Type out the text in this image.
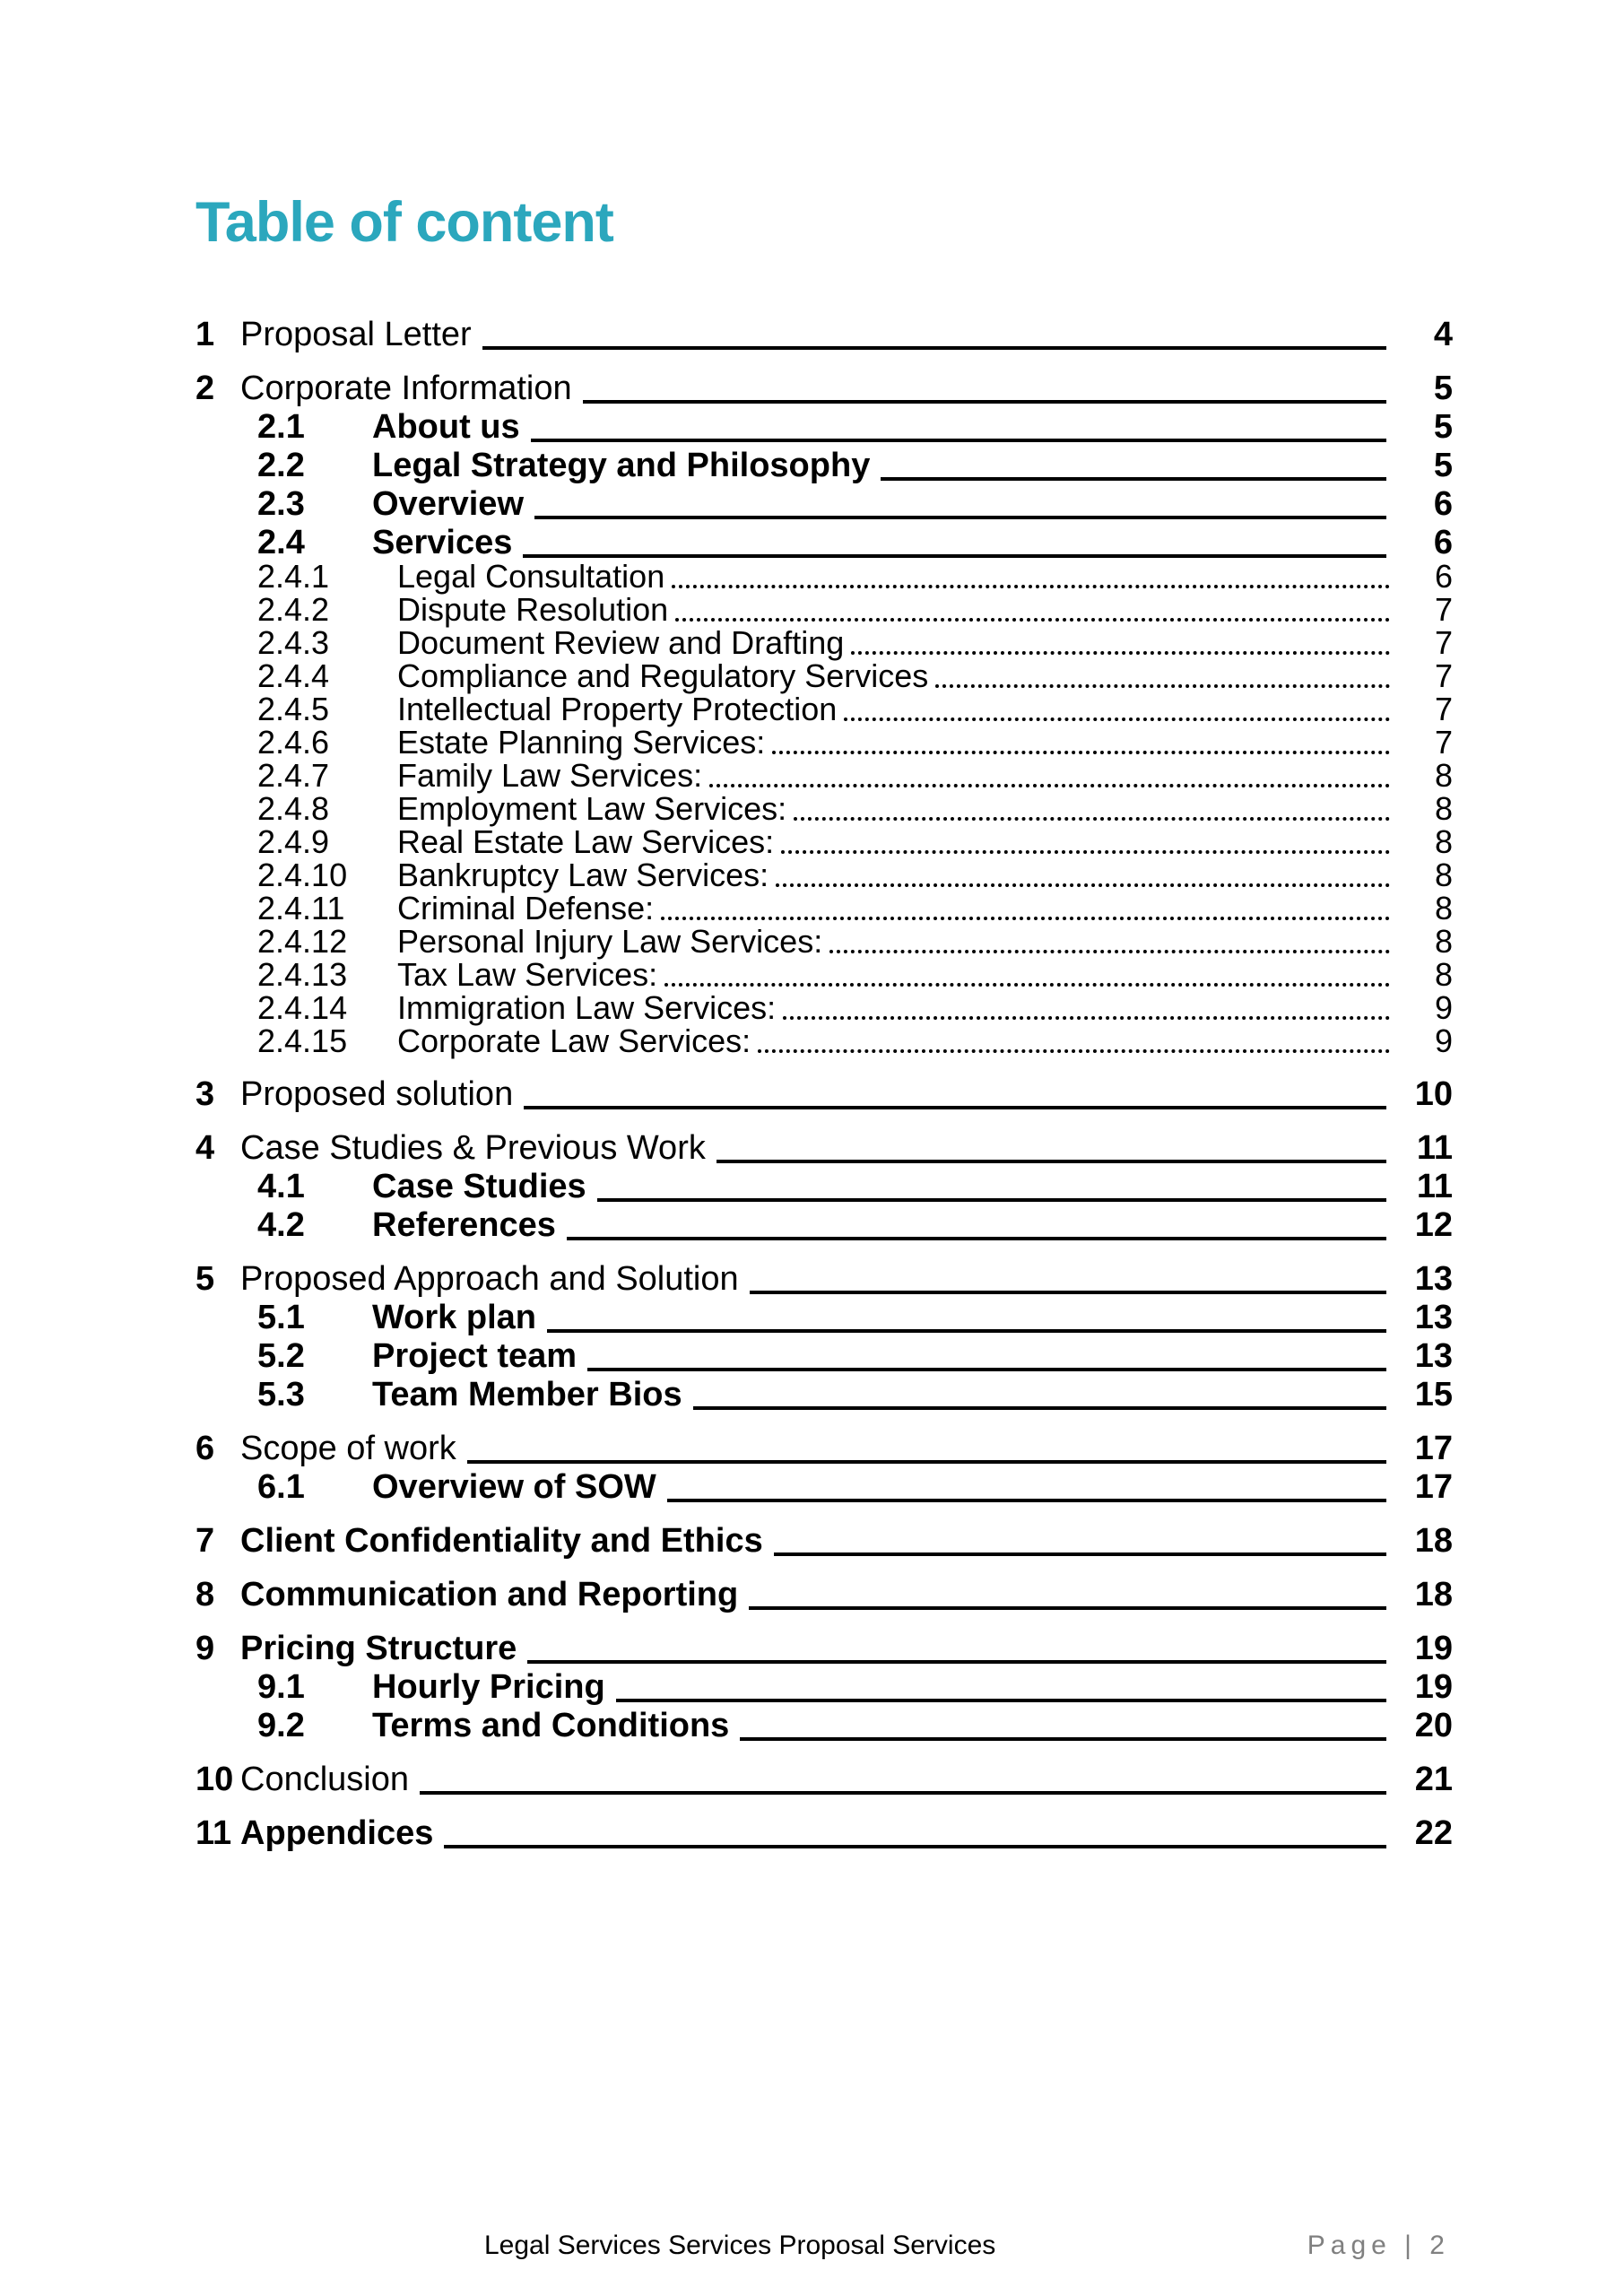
Table of content
1 Proposal Letter	4
2 Corporate Information	5
2.1	About us	5
2.2	Legal Strategy and Philosophy	5
2.3	Overview	6
2.4	Services	6
2.4.1	Legal Consultation	6
2.4.2	Dispute Resolution	7
2.4.3	Document Review and Drafting	7
2.4.4	Compliance and Regulatory Services	7
2.4.5	Intellectual Property Protection	7
2.4.6	Estate Planning Services:	7
2.4.7	Family Law Services:	8
2.4.8	Employment Law Services:	8
2.4.9	Real Estate Law Services:	8
2.4.10	Bankruptcy Law Services:	8
2.4.11	Criminal Defense:	8
2.4.12	Personal Injury Law Services:	8
2.4.13	Tax Law Services:	8
2.4.14	Immigration Law Services:	9
2.4.15	Corporate Law Services:	9
3 Proposed solution	10
4 Case Studies & Previous Work	11
4.1	Case Studies	11
4.2	References	12
5 Proposed Approach and Solution	13
5.1	Work plan	13
5.2	Project team	13
5.3	Team Member Bios	15
6 Scope of work	17
6.1	Overview of SOW	17
7 Client Confidentiality and Ethics	18
8 Communication and Reporting	18
9 Pricing Structure	19
9.1	Hourly Pricing	19
9.2	Terms and Conditions	20
10 Conclusion	21
11 Appendices	22
Legal Services Services Proposal Services	Page | 2
